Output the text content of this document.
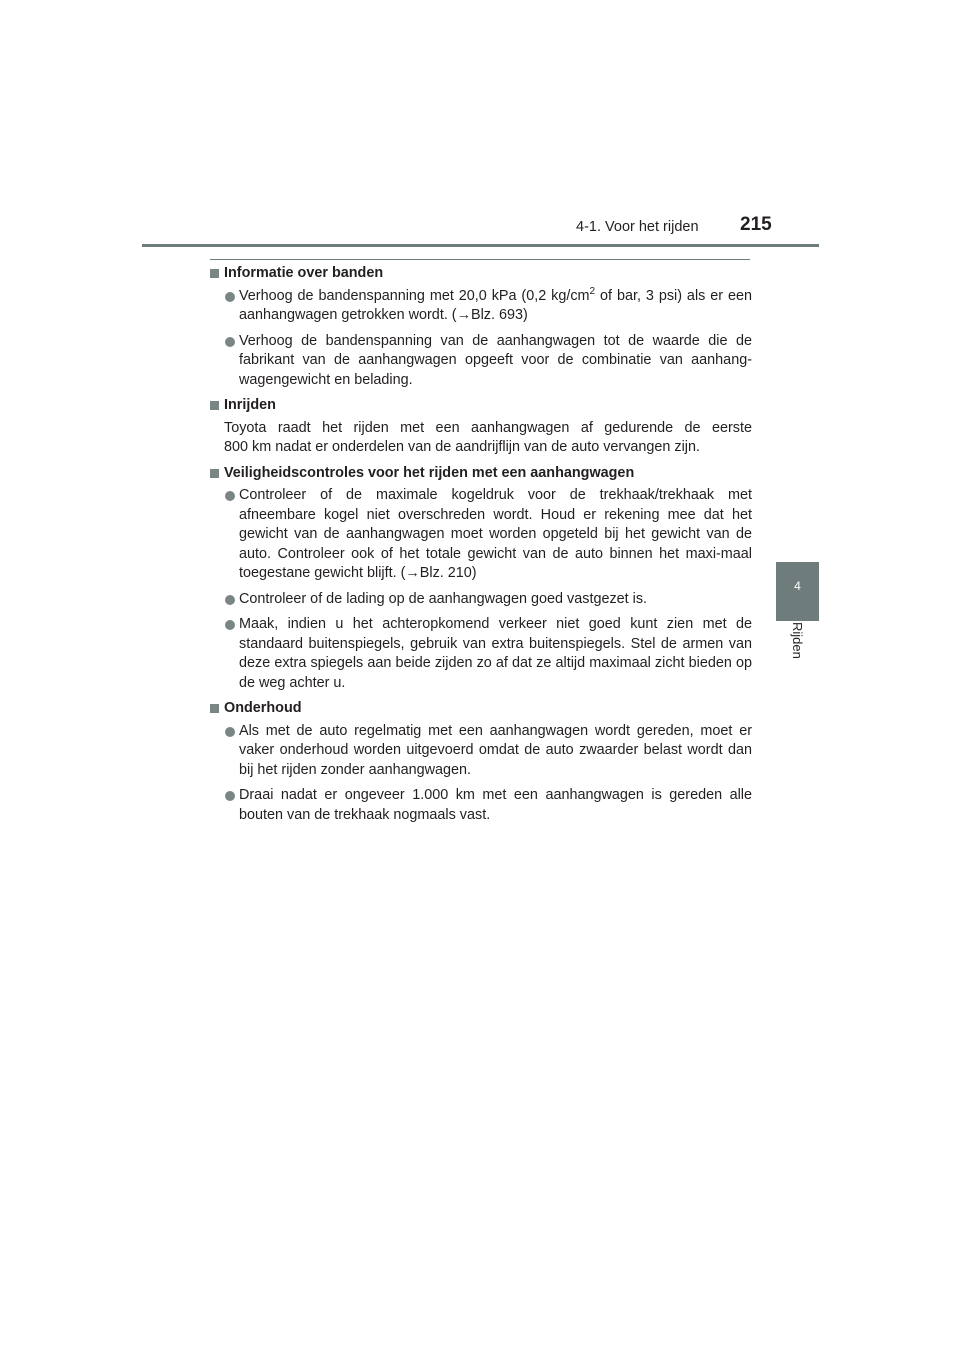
4-1. Voor het rijden 215
4
Rijden
Informatie over banden
Verhoog de bandenspanning met 20,0 kPa (0,2 $kg/cm^2$ of bar, 3 psi) als er een aanhangwagen getrokken wordt. (→Blz. 693)
Verhoog de bandenspanning van de aanhangwagen tot de waarde die de fabrikant van de aanhangwagen opgeeft voor de combinatie van aanhang-wagengewicht en belading.
Inrijden
Toyota raadt het rijden met een aanhangwagen af gedurende de eerste
800 km nadat er onderdelen van de aandrijflijn van de auto vervangen zijn.
Veiligheidscontroles voor het rijden met een aanhangwagen
Controleer of de maximale kogeldruk voor de trekhaak/trekhaak met afneembare kogel niet overschreden wordt. Houd er rekening mee dat het gewicht van de aanhangwagen moet worden opgeteld bij het gewicht van de auto. Controleer ook of het totale gewicht van de auto binnen het maxi-maal toegestane gewicht blijft. (→Blz. 210)
Controleer of de lading op de aanhangwagen goed vastgezet is.
Maak, indien u het achteropkomend verkeer niet goed kunt zien met de standaard buitenspiegels, gebruik van extra buitenspiegels. Stel de armen van deze extra spiegels aan beide zijden zo af dat ze altijd maximaal zicht bieden op de weg achter u.
Onderhoud
Als met de auto regelmatig met een aanhangwagen wordt gereden, moet er vaker onderhoud worden uitgevoerd omdat de auto zwaarder belast wordt dan bij het rijden zonder aanhangwagen.
Draai nadat er ongeveer 1.000 km met een aanhangwagen is gereden alle bouten van de trekhaak nogmaals vast.
